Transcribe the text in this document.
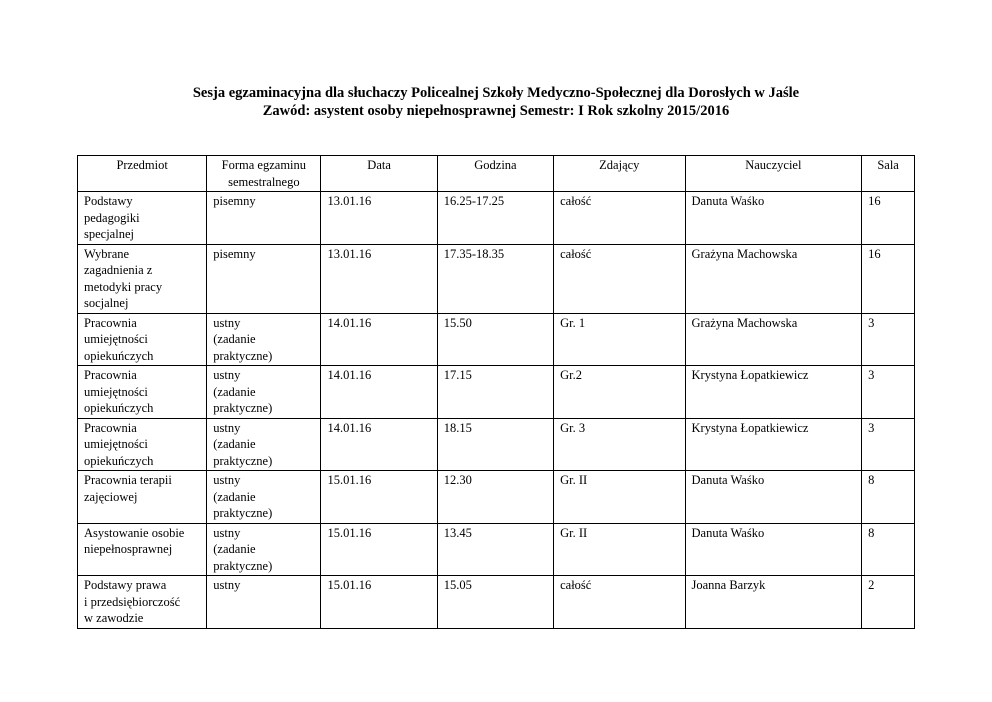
Sesja egzaminacyjna dla słuchaczy Policealnej Szkoły Medyczno-Społecznej dla Dorosłych w Jaśle
Zawód: asystent osoby niepełnosprawnej Semestr: I Rok szkolny 2015/2016
Przedmiot	Forma egzaminu
semestralnego	Data	Godzina	Zdający	Nauczyciel	Sala
Podstawy
pedagogiki
specjalnej	pisemny	13.01.16	16.25-17.25	całość	Danuta Waśko	16
Wybrane
zagadnienia z
metodyki pracy
socjalnej	pisemny	13.01.16	17.35-18.35	całość	Grażyna Machowska	16
Pracownia
umiejętności
opiekuńczych	ustny
(zadanie
praktyczne)	14.01.16	15.50	Gr. 1	Grażyna Machowska	3
Pracownia
umiejętności
opiekuńczych	ustny
(zadanie
praktyczne)	14.01.16	17.15	Gr.2	Krystyna Łopatkiewicz	3
Pracownia
umiejętności
opiekuńczych	ustny
(zadanie
praktyczne)	14.01.16	18.15	Gr. 3	Krystyna Łopatkiewicz	3
Pracownia terapii
zajęciowej	ustny
(zadanie
praktyczne)	15.01.16	12.30	Gr. II	Danuta Waśko	8
Asystowanie osobie
niepełnosprawnej	ustny
(zadanie
praktyczne)	15.01.16	13.45	Gr. II	Danuta Waśko	8
Podstawy prawa
i przedsiębiorczość
w zawodzie	ustny	15.01.16	15.05	całość	Joanna Barzyk	2
